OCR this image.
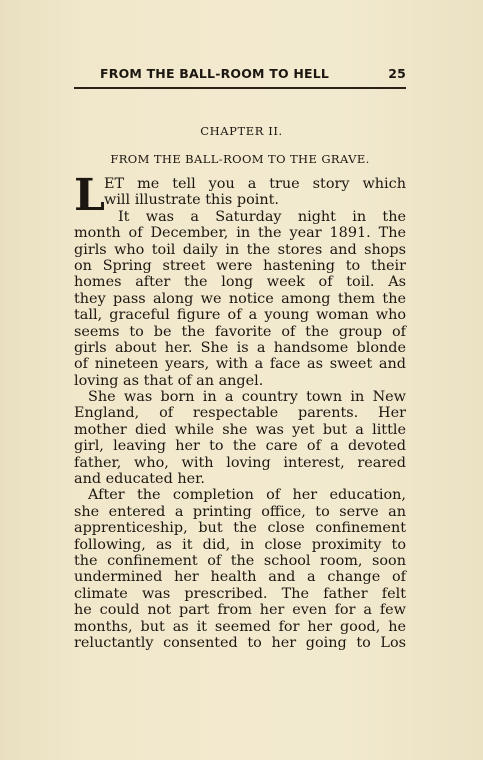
FROM THE BALL-ROOM TO HELL	25
CHAPTER II.
FROM THE BALL-ROOM TO THE GRAVE.
L ET me tell you a true story which
will illustrate this point.
It was a Saturday night in the
month of December, in the year 1891. The
girls who toil daily in the stores and shops
on Spring street were hastening to their
homes after the long week of toil. As
they pass along we notice among them the
tall, graceful figure of a young woman who
seems to be the favorite of the group of
girls about her. She is a handsome blonde
of nineteen years, with a face as sweet and
loving as that of an angel.
She was born in a country town in New
England, of respectable parents. Her
mother died while she was yet but a little
girl, leaving her to the care of a devoted
father, who, with loving interest, reared
and educated her.
After the completion of her education,
she entered a printing office, to serve an
apprenticeship, but the close confinement
following, as it did, in close proximity to
the confinement of the school room, soon
undermined her health and a change of
climate was prescribed. The father felt
he could not part from her even for a few
months, but as it seemed for her good, he
reluctantly consented to her going to Los
